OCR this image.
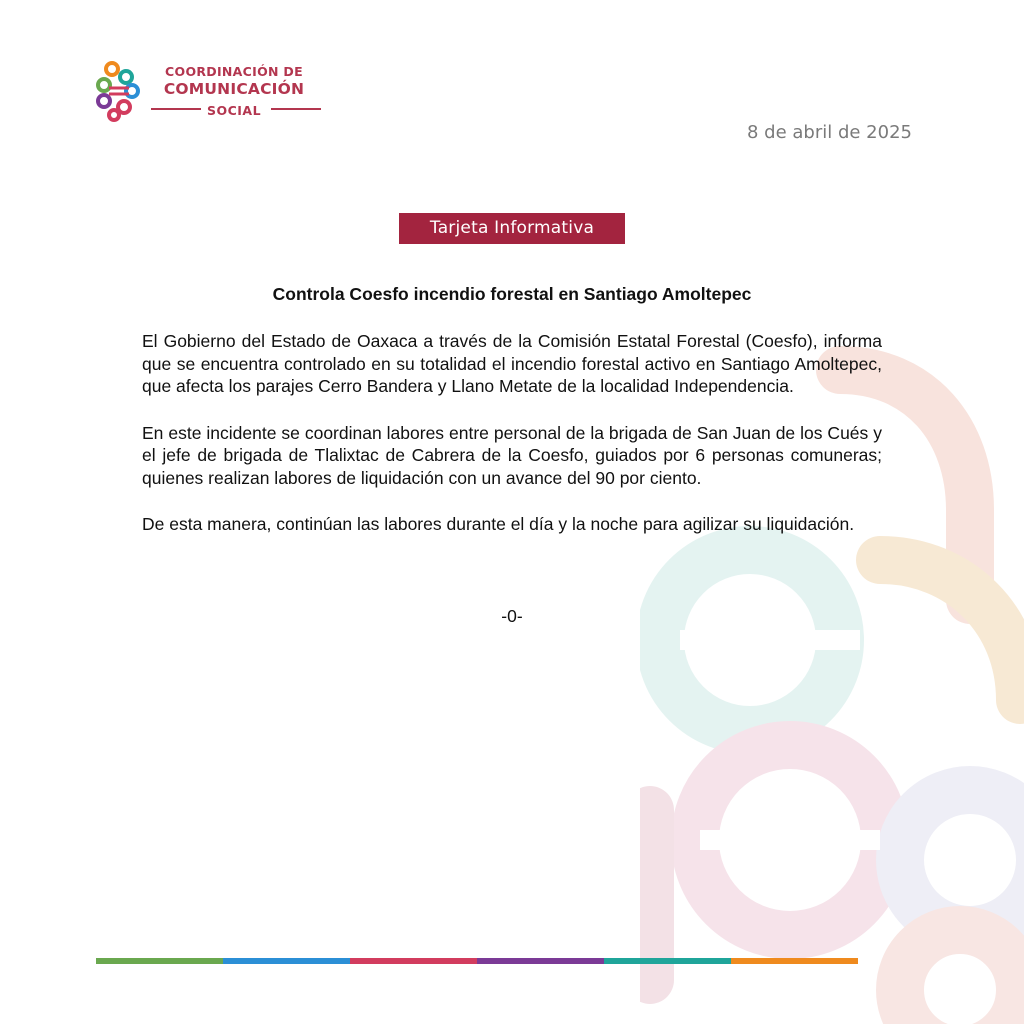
COORDINACIÓN DE
COMUNICACIÓN
SOCIAL
8 de abril de 2025
Tarjeta Informativa
Controla Coesfo incendio forestal en Santiago Amoltepec

El Gobierno del Estado de Oaxaca a través de la Comisión Estatal Forestal (Coesfo), informa que se encuentra controlado en su totalidad el incendio forestal activo en Santiago Amoltepec, que afecta los parajes Cerro Bandera y Llano Metate de la localidad Independencia.

En este incidente se coordinan labores entre personal de la brigada de San Juan de los Cués y el jefe de brigada de Tlalixtac de Cabrera de la Coesfo, guiados por 6 personas comuneras; quienes realizan labores de liquidación con un avance del 90 por ciento.

De esta manera, continúan las labores durante el día y la noche para agilizar su liquidación.

-0-
